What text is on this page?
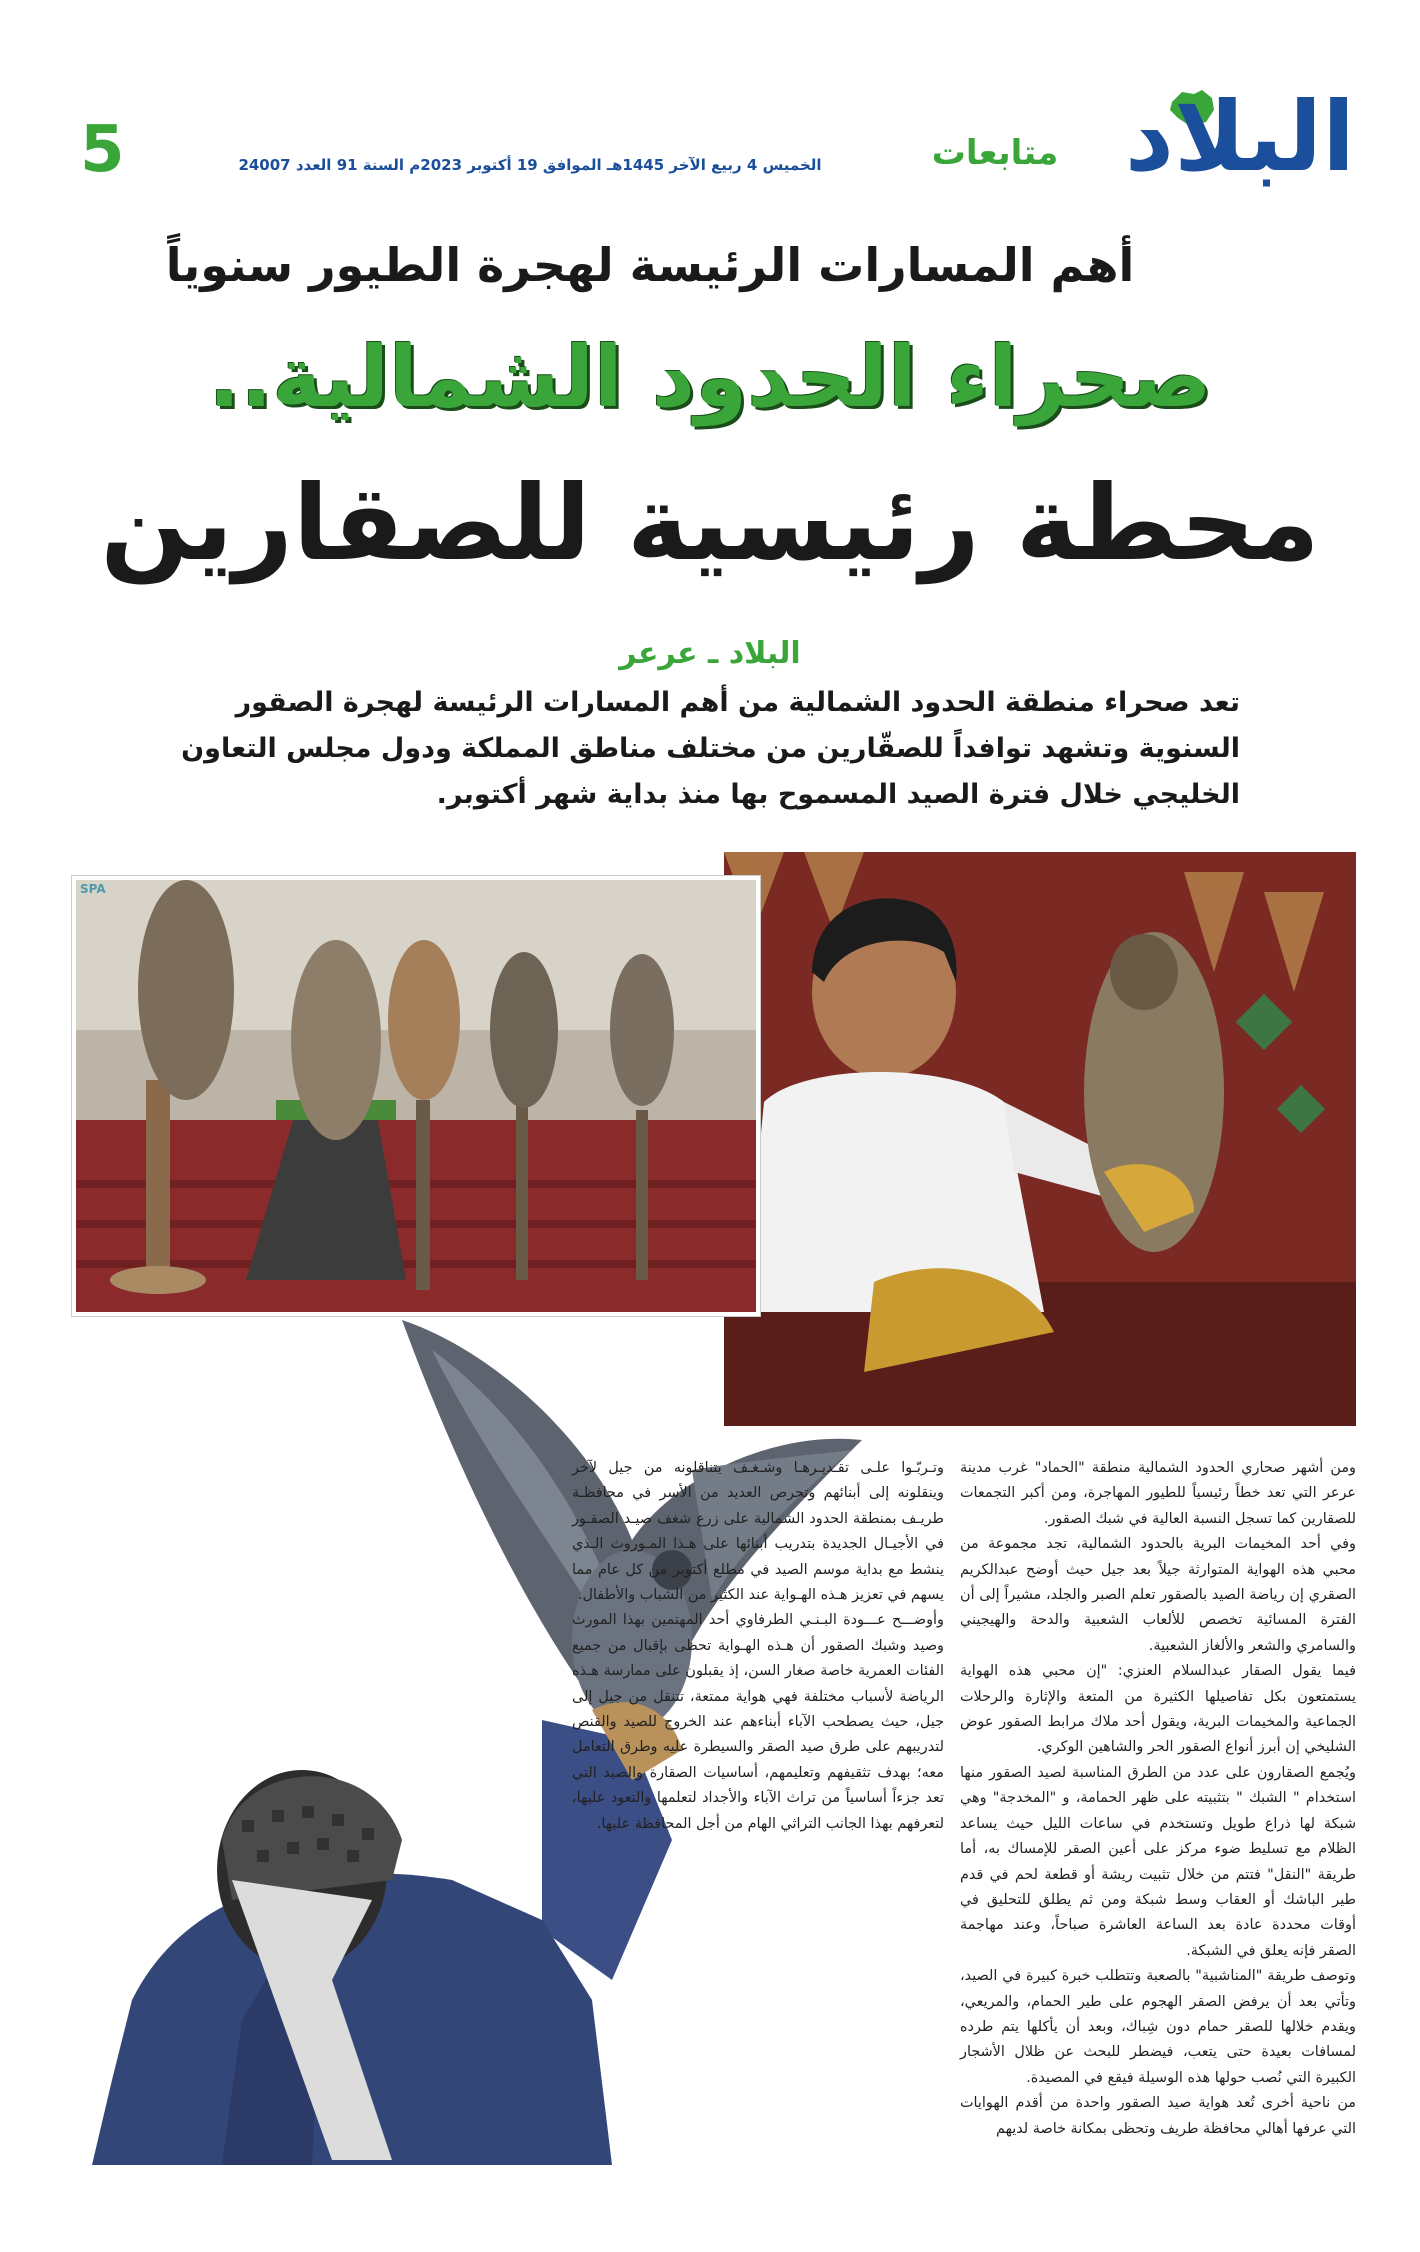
البلاد
متابعات
الخميس 4 ربيع الآخر 1445هـ الموافق 19 أكتوبر 2023م السنة 91 العدد 24007
5
أهم المسارات الرئيسة لهجرة الطيور سنوياً
صحراء الحدود الشمالية..
محطة رئيسية للصقارين
البلاد ـ عرعر
تعد صحراء منطقة الحدود الشمالية من أهم المسارات الرئيسة لهجرة الصقور السنوية وتشهد توافداً للصقّارين من مختلف مناطق المملكة ودول مجلس التعاون الخليجي خلال فترة الصيد المسموح بها منذ بداية شهر أكتوبر.
SPA

ومن أشهر صحاري الحدود الشمالية منطقة "الحماد" غرب مدينة عرعر التي تعد خطاً رئيسياً للطيور المهاجرة، ومن أكبر التجمعات للصقارين كما تسجل النسبة العالية في شبك الصقور.

وفي أحد المخيمات البرية بالحدود الشمالية، تجد مجموعة من محبي هذه الهواية المتوارثة جيلاً بعد جيل حيث أوضح عبدالكريم الصقري إن رياضة الصيد بالصقور تعلم الصبر والجلد، مشيراً إلى أن الفترة المسائية تخصص للألعاب الشعبية والدحة والهيجيني والسامري والشعر والألغاز الشعبية.

فيما يقول الصقار عبدالسلام العنزي: "إن محبي هذه الهواية يستمتعون بكل تفاصيلها الكثيرة من المتعة والإثارة والرحلات الجماعية والمخيمات البرية، ويقول أحد ملاك مرابط الصقور عوض الشليخي إن أبرز أنواع الصقور الحر والشاهين الوكري.

ويُجمع الصقارون على عدد من الطرق المناسبة لصيد الصقور منها استخدام " الشبك " بتثبيته على ظهر الحمامة، و "المخدجة" وهي شبكة لها ذراع طويل وتستخدم في ساعات الليل حيث يساعد الظلام مع تسليط ضوء مركز على أعين الصقر للإمساك به، أما طريقة "النقل" فتتم من خلال تثبيت ريشة أو قطعة لحم في قدم طير الباشك أو العقاب وسط شبكة ومن ثم يطلق للتحليق في أوقات محددة عادة بعد الساعة العاشرة صباحاً، وعند مهاجمة الصقر فإنه يعلق في الشبكة.

وتوصف طريقة "المناشبية" بالصعبة وتتطلب خبرة كبيرة في الصيد، وتأتي بعد أن يرفض الصقر الهجوم على طير الحمام، والمريعي، ويقدم خلالها للصقر حمام دون شِباك، وبعد أن يأكلها يتم طرده لمسافات بعيدة حتى يتعب، فيضطر للبحث عن ظلال الأشجار الكبيرة التي نُصب حولها هذه الوسيلة فيقع في المصيدة.

من ناحية أخرى تُعد هواية صيد الصقور واحدة من أقدم الهوايات التي عرفها أهالي محافظة طريف وتحظى بمكانة خاصة لديهم

وتـربّـوا علـى تقـديـرهـا وشـغـف يتناقلونه من جيل لآخر وينقلونه إلى أبنائهم وتحرص العديد من الأسر في محافظـة طريـف بمنطقة الحدود الشمالية على زرع شغف صيـد الصقـور في الأجيـال الجديدة بتدريب أبنائها على هـذا المـوروث الـذي ينشط مع بداية موسم الصيد في مطلع أكتوبر من كل عام مما يسهم في تعزيز هـذه الهـواية عند الكثير من الشباب والأطفال.

وأوضـــح عـــودة البـنـي الطرفاوي أحد المهتمين بهذا المورث وصيد وشبك الصقور أن هـذه الهـواية تحظى بإقبال من جميع الفئات العمرية خاصة صغار السن، إذ يقبلون على ممارسة هـذه الرياضة لأسباب مختلفة فهي هواية ممتعة، تتنقل من جيل إلى جيل، حيث يصطحب الآباء أبناءهم عند الخروج للصيد والقنص لتدريبهم على طرق صيد الصقر والسيطرة عليه وطرق التعامل معه؛ بهدف تثقيفهم وتعليمهم، أساسيات الصقارة والصيد التي تعد جزءاً أساسياً من تراث الآباء والأجداد لتعلمها والتعود عليها، لتعرفهم بهذا الجانب التراثي الهام من أجل المحافظة عليها.
